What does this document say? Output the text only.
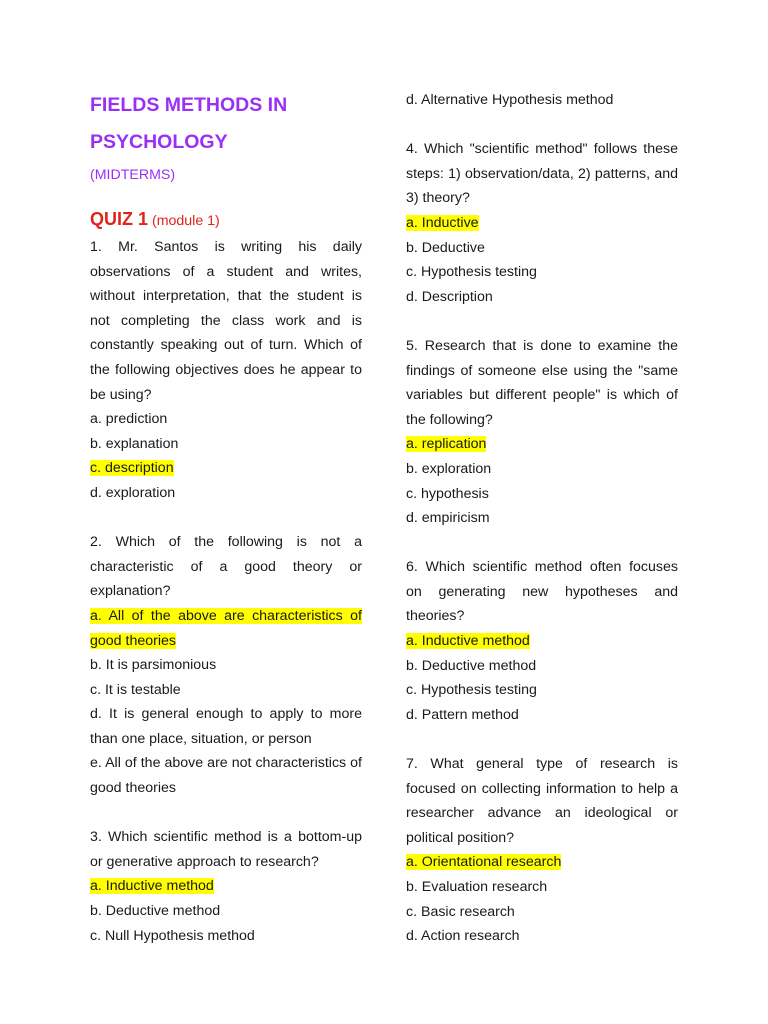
FIELDS METHODS IN
PSYCHOLOGY
(MIDTERMS)
QUIZ 1 (module 1)
1. Mr. Santos is writing his daily observations of a student and writes, without interpretation, that the student is not completing the class work and is constantly speaking out of turn. Which of the following objectives does he appear to be using?
a. prediction
b. explanation
c. description
d. exploration
2. Which of the following is not a characteristic of a good theory or explanation?
a. All of the above are characteristics of good theories
b. It is parsimonious
c. It is testable
d. It is general enough to apply to more than one place, situation, or person
e. All of the above are not characteristics of good theories
3. Which scientific method is a bottom-up or generative approach to research?
a. Inductive method
b. Deductive method
c. Null Hypothesis method
d. Alternative Hypothesis method
4. Which "scientific method" follows these steps: 1) observation/data, 2) patterns, and 3) theory?
a. Inductive
b. Deductive
c. Hypothesis testing
d. Description
5. Research that is done to examine the findings of someone else using the "same variables but different people" is which of the following?
a. replication
b. exploration
c. hypothesis
d. empiricism
6. Which scientific method often focuses on generating new hypotheses and theories?
a. Inductive method
b. Deductive method
c. Hypothesis testing
d. Pattern method
7. What general type of research is focused on collecting information to help a researcher advance an ideological or political position?
a. Orientational research
b. Evaluation research
c. Basic research
d. Action research
